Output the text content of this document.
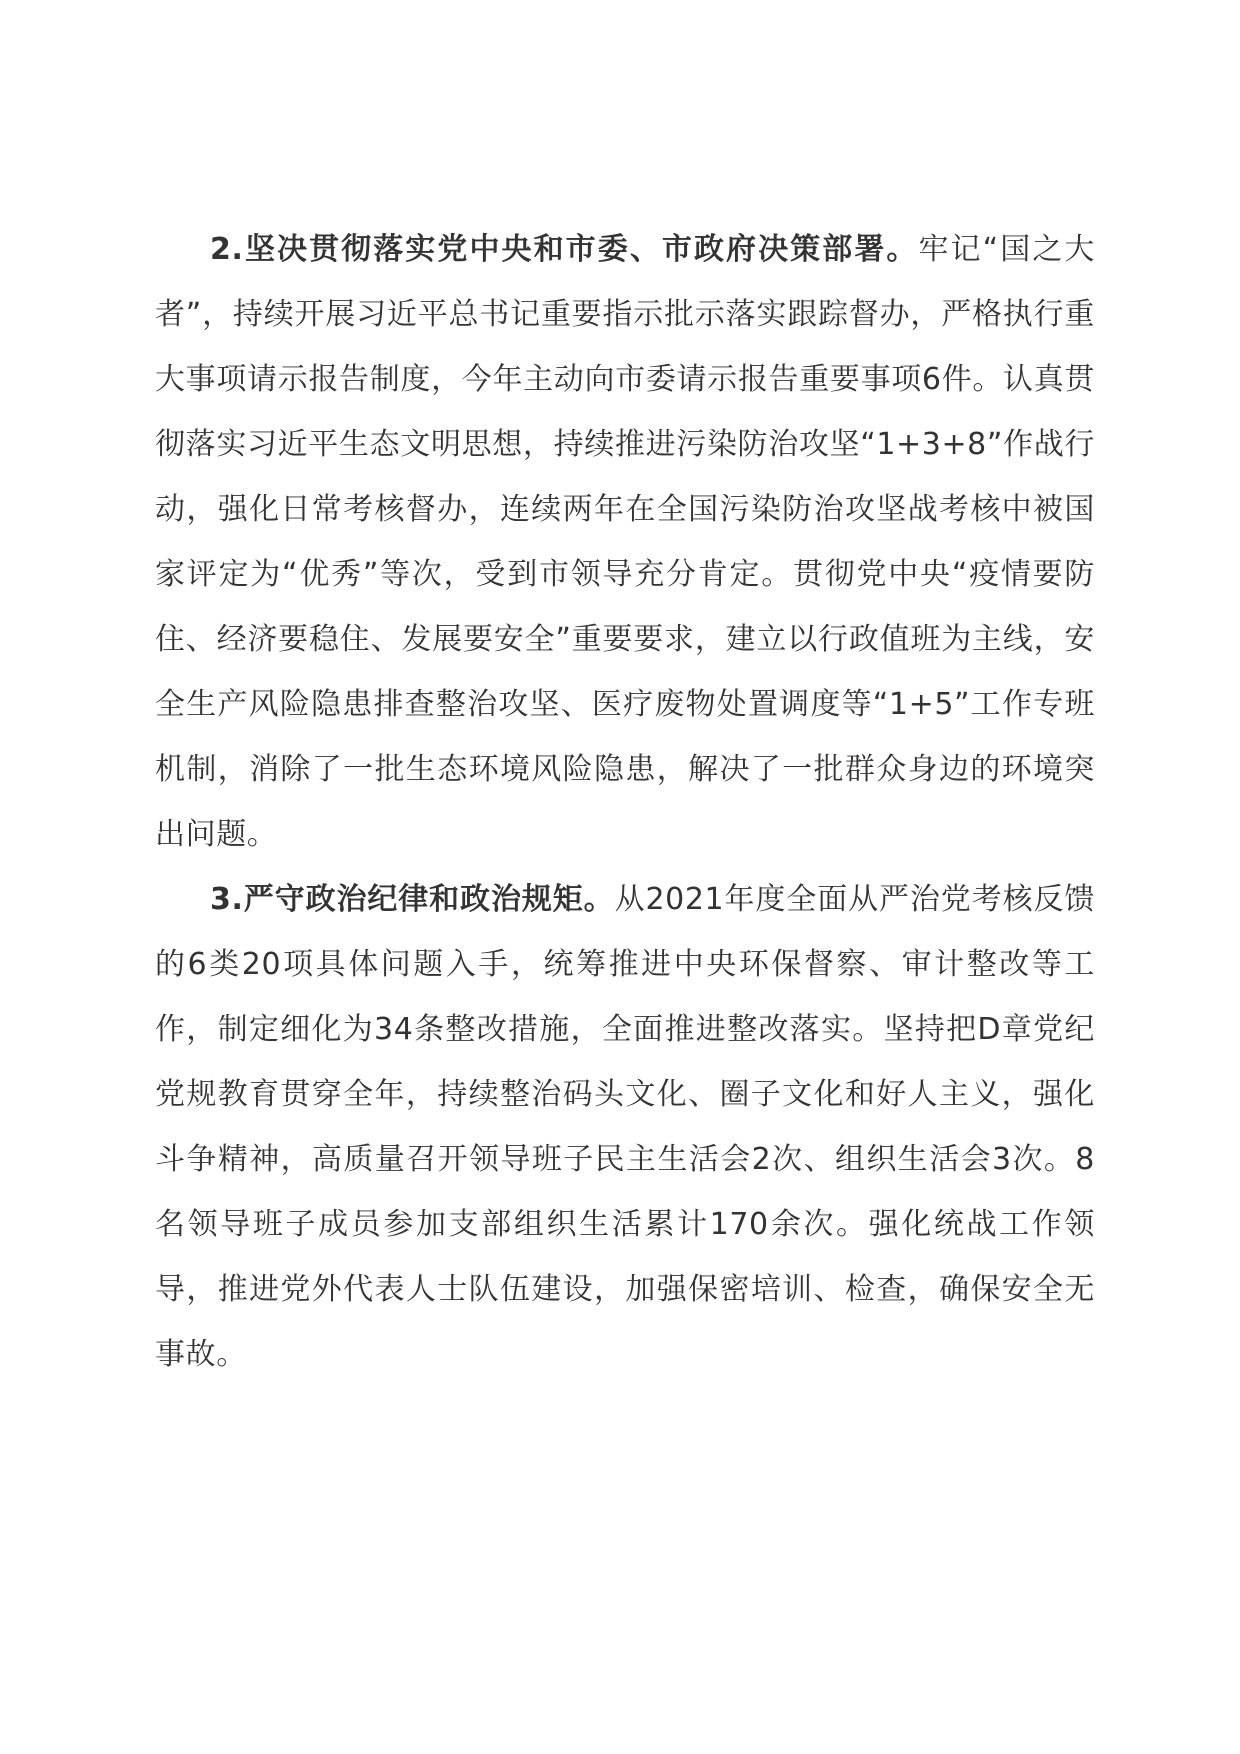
2.坚决贯彻落实党中央和市委、市政府决策部署。牢记“国之大者”，持续开展习近平总书记重要指示批示落实跟踪督办，严格执行重大事项请示报告制度，今年主动向市委请示报告重要事项6件。认真贯彻落实习近平生态文明思想，持续推进污染防治攻坚“1+3+8”作战行动，强化日常考核督办，连续两年在全国污染防治攻坚战考核中被国家评定为“优秀”等次，受到市领导充分肯定。贯彻党中央“疫情要防住、经济要稳住、发展要安全”重要要求，建立以行政值班为主线，安全生产风险隐患排查整治攻坚、医疗废物处置调度等“1+5”工作专班机制，消除了一批生态环境风险隐患，解决了一批群众身边的环境突出问题。

3.严守政治纪律和政治规矩。从2021年度全面从严治党考核反馈的6类20项具体问题入手，统筹推进中央环保督察、审计整改等工作，制定细化为34条整改措施，全面推进整改落实。坚持把D章党纪党规教育贯穿全年，持续整治码头文化、圈子文化和好人主义，强化斗争精神，高质量召开领导班子民主生活会2次、组织生活会3次。8名领导班子成员参加支部组织生活累计170余次。强化统战工作领导，推进党外代表人士队伍建设，加强保密培训、检查，确保安全无事故。
